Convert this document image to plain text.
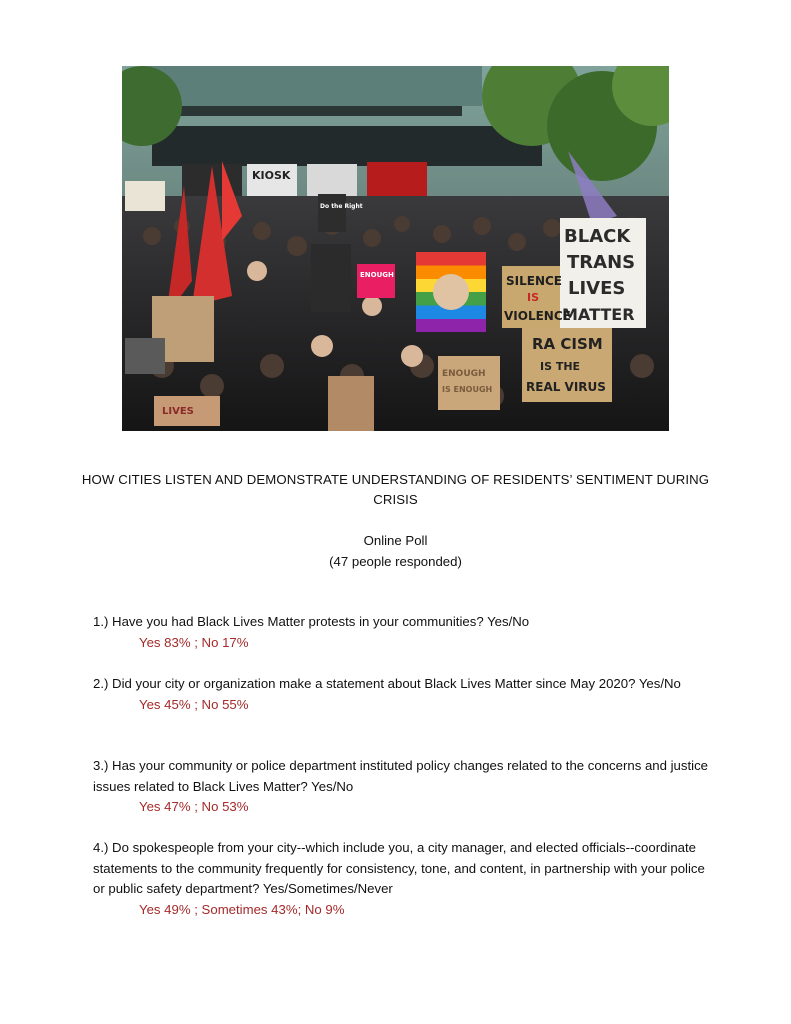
KIOSK
Do the Right
ENOUGH
BLACK
TRANS
LIVES
MATTER
SILENCE
IS
VIOLENCE
RA CISM
IS THE
REAL VIRUS
ENOUGH
IS ENOUGH
LIVES
HOW CITIES LISTEN AND DEMONSTRATE UNDERSTANDING OF RESIDENTS’ SENTIMENT DURING
CRISIS
Online Poll
(47 people responded)
1.) Have you had Black Lives Matter protests in your communities? Yes/No
Yes 83% ; No 17%
2.) Did your city or organization make a statement about Black Lives Matter since May 2020? Yes/No
Yes 45% ; No 55%
3.) Has your community or police department instituted policy changes related to the concerns and justice issues related to Black Lives Matter? Yes/No
Yes 47% ; No 53%
4.) Do spokespeople from your city--which include you, a city manager, and elected officials--coordinate statements to the community frequently for consistency, tone, and content, in partnership with your police or public safety department? Yes/Sometimes/Never
Yes 49% ; Sometimes 43%; No 9%
